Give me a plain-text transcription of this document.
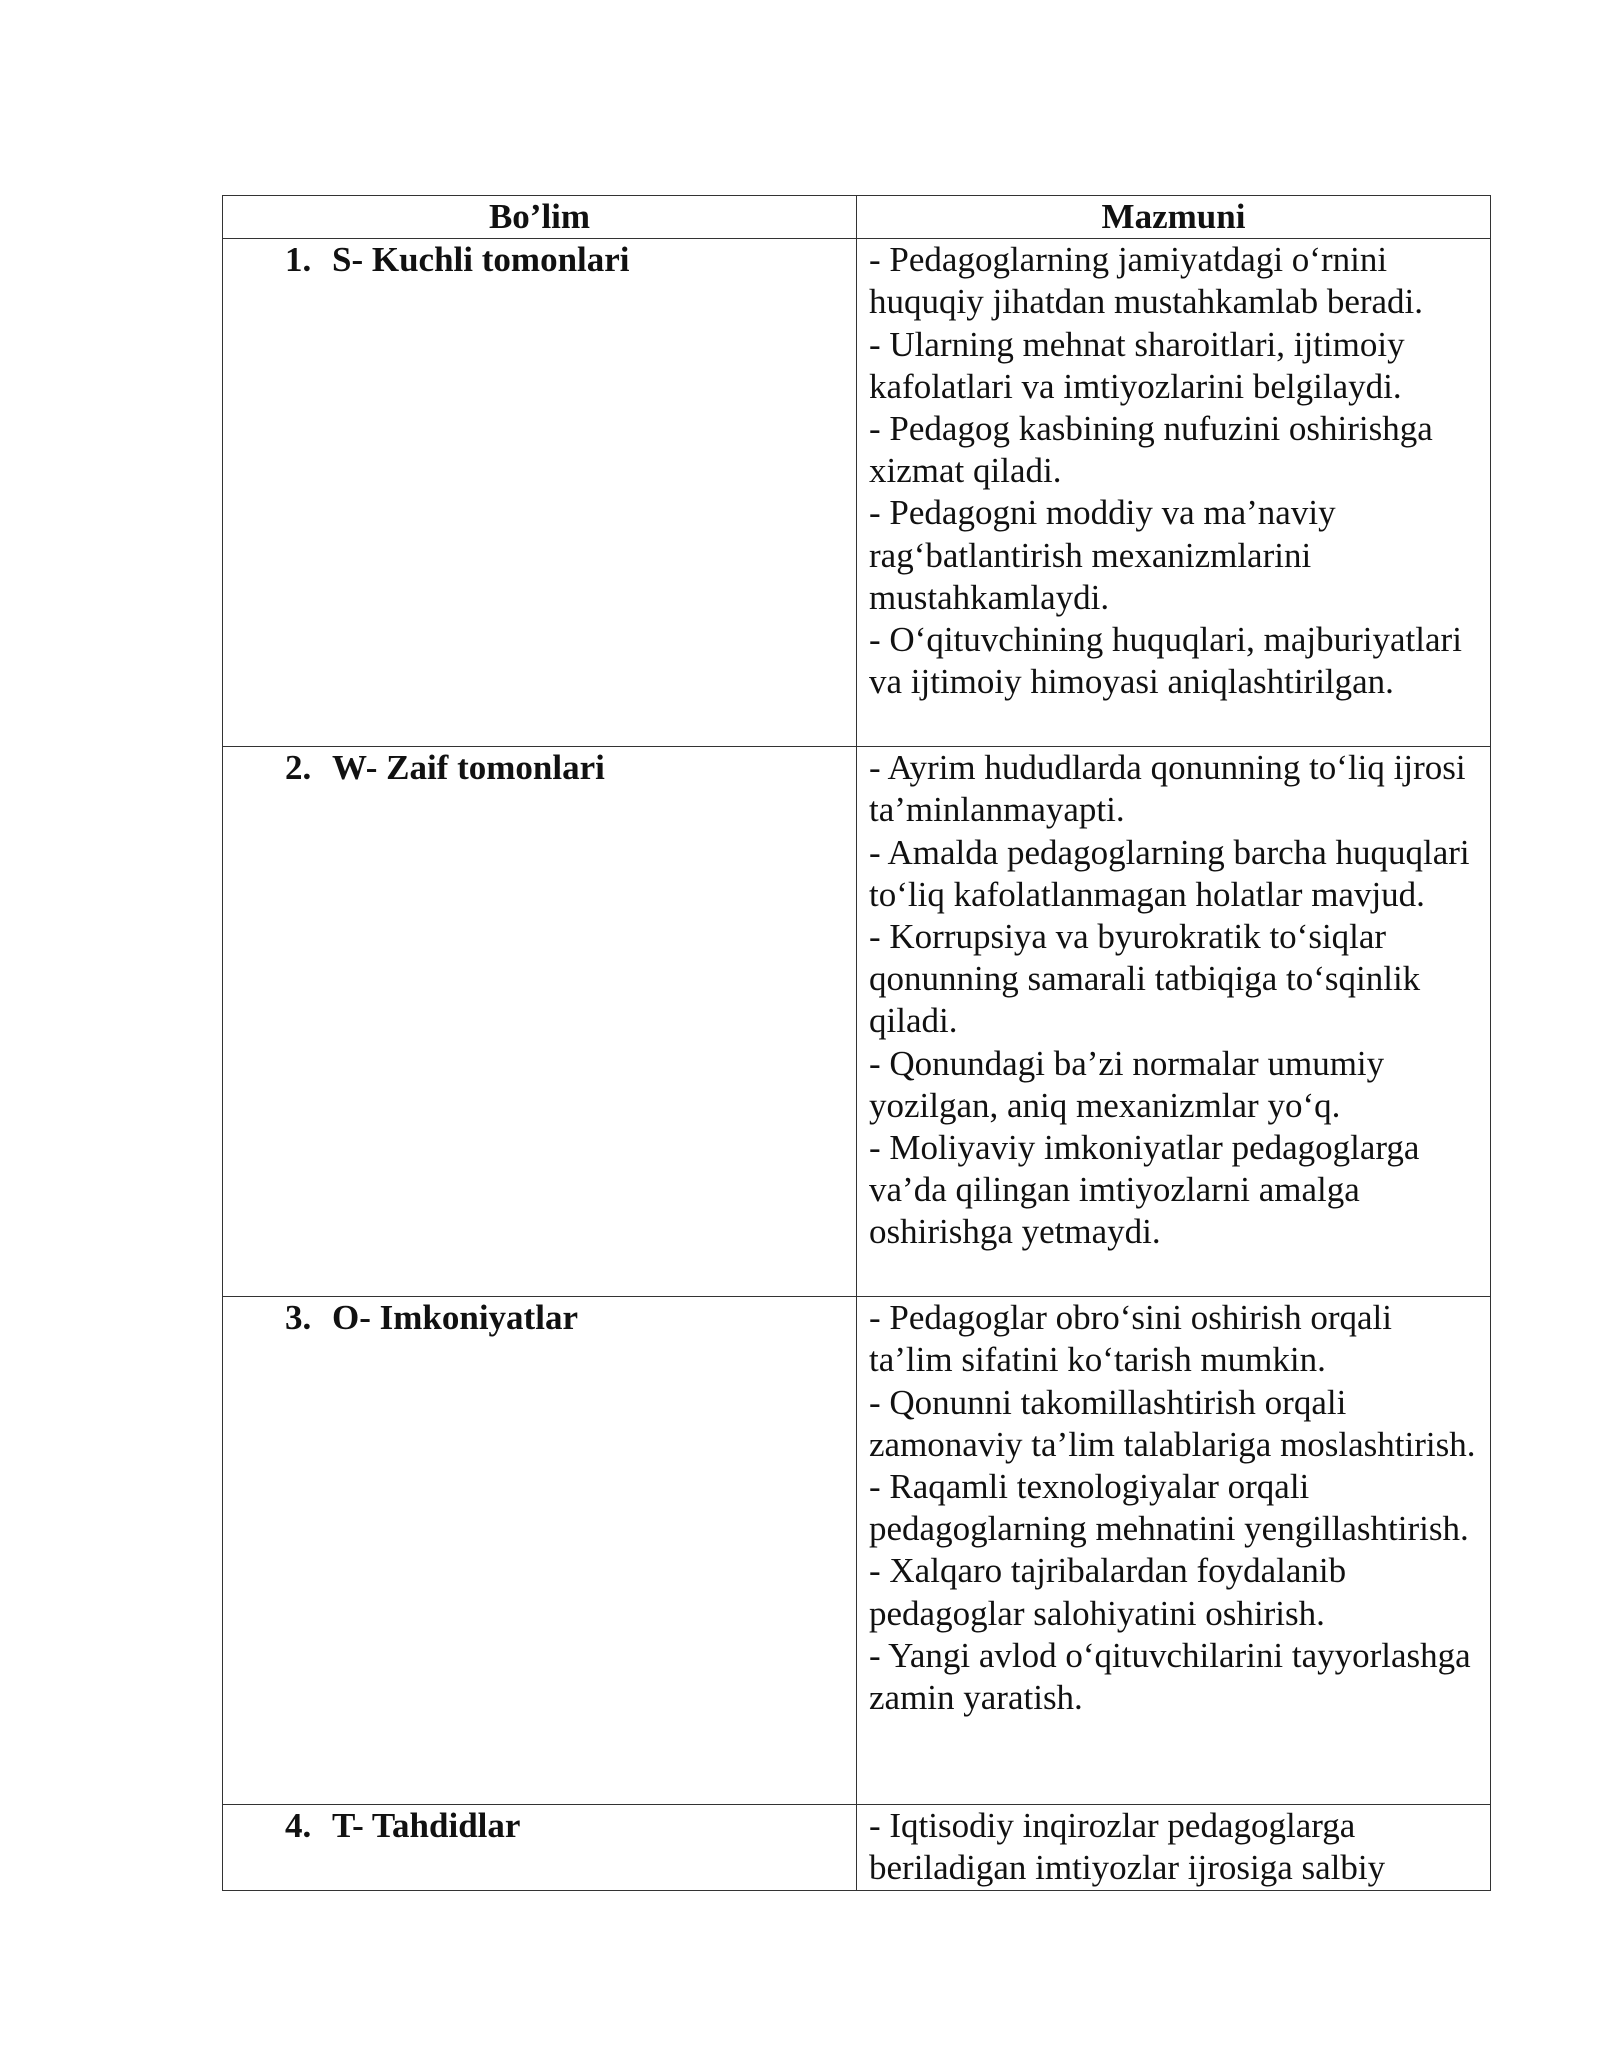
Bo’lim	Mazmuni
1. S- Kuchli tomonlari	- Pedagoglarning jamiyatdagi o‘rnini huquqiy jihatdan mustahkamlab beradi.
- Ularning mehnat sharoitlari, ijtimoiy kafolatlari va imtiyozlarini belgilaydi.
- Pedagog kasbining nufuzini oshirishga xizmat qiladi.
- Pedagogni moddiy va ma’naviy rag‘batlantirish mexanizmlarini mustahkamlaydi.
- O‘qituvchining huquqlari, majburiyatlari va ijtimoiy himoyasi aniqlashtirilgan.

2. W- Zaif tomonlari	- Ayrim hududlarda qonunning to‘liq ijrosi ta’minlanmayapti.
- Amalda pedagoglarning barcha huquqlari to‘liq kafolatlanmagan holatlar mavjud.
- Korrupsiya va byurokratik to‘siqlar qonunning samarali tatbiqiga to‘sqinlik qiladi.
- Qonundagi ba’zi normalar umumiy yozilgan, aniq mexanizmlar yo‘q.
- Moliyaviy imkoniyatlar pedagoglarga va’da qilingan imtiyozlarni amalga oshirishga yetmaydi.

3. O- Imkoniyatlar	- Pedagoglar obro‘sini oshirish orqali ta’lim sifatini ko‘tarish mumkin.
- Qonunni takomillashtirish orqali zamonaviy ta’lim talablariga moslashtirish.
- Raqamli texnologiyalar orqali pedagoglarning mehnatini yengillashtirish.
- Xalqaro tajribalardan foydalanib pedagoglar salohiyatini oshirish.
- Yangi avlod o‘qituvchilarini tayyorlashga zamin yaratish.

4. T- Tahdidlar	- Iqtisodiy inqirozlar pedagoglarga beriladigan imtiyozlar ijrosiga salbiy
